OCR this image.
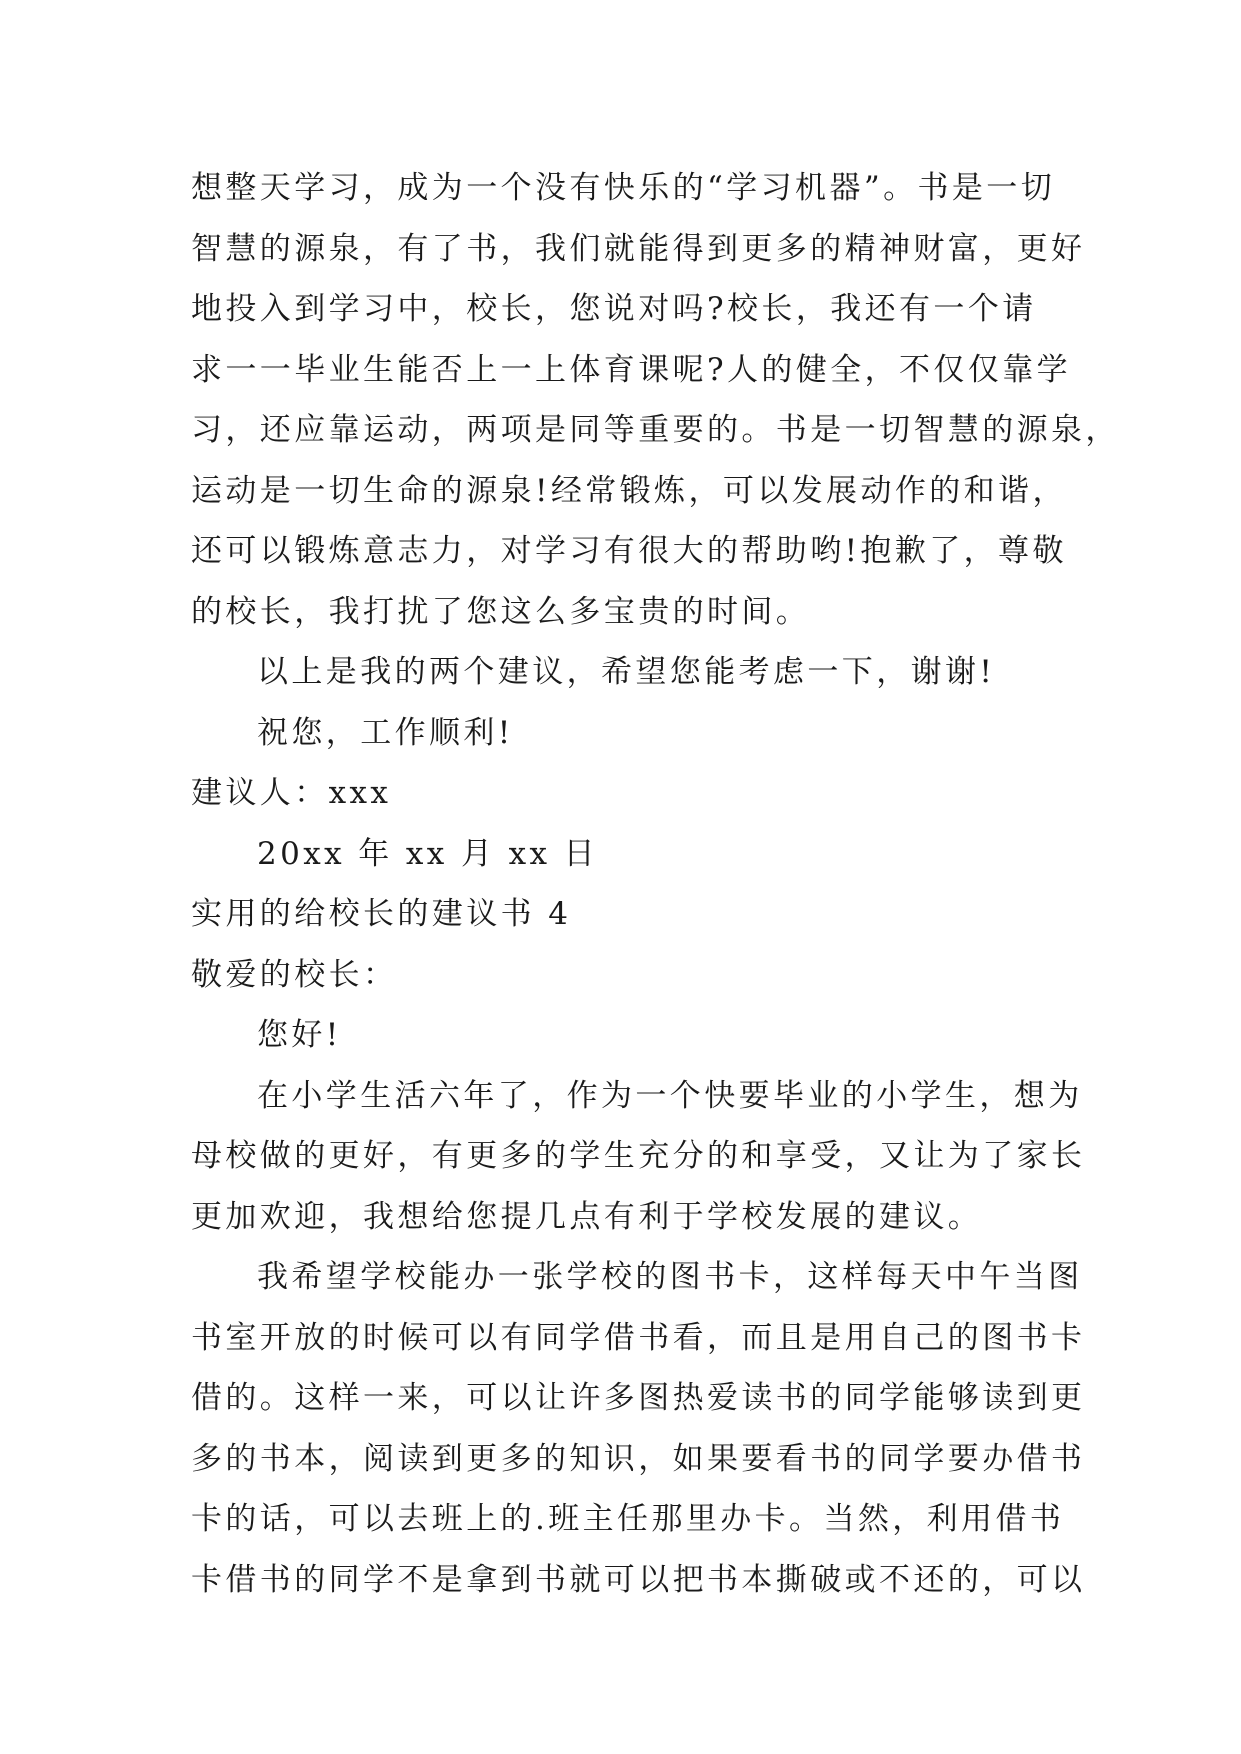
想整天学习，成为一个没有快乐的“学习机器”。书是一切
智慧的源泉，有了书，我们就能得到更多的精神财富，更好
地投入到学习中，校长，您说对吗?校长，我还有一个请
求一一毕业生能否上一上体育课呢?人的健全，不仅仅靠学
习，还应靠运动，两项是同等重要的。书是一切智慧的源泉，
运动是一切生命的源泉!经常锻炼，可以发展动作的和谐，
还可以锻炼意志力，对学习有很大的帮助哟!抱歉了，尊敬
的校长，我打扰了您这么多宝贵的时间。
以上是我的两个建议，希望您能考虑一下，谢谢!
祝您，工作顺利!
建议人：xxx
20xx 年 xx 月 xx 日
实用的给校长的建议书 4
敬爱的校长：
您好!
在小学生活六年了，作为一个快要毕业的小学生，想为
母校做的更好，有更多的学生充分的和享受，又让为了家长
更加欢迎，我想给您提几点有利于学校发展的建议。
我希望学校能办一张学校的图书卡，这样每天中午当图
书室开放的时候可以有同学借书看，而且是用自己的图书卡
借的。这样一来，可以让许多图热爱读书的同学能够读到更
多的书本，阅读到更多的知识，如果要看书的同学要办借书
卡的话，可以去班上的.班主任那里办卡。当然，利用借书
卡借书的同学不是拿到书就可以把书本撕破或不还的，可以
